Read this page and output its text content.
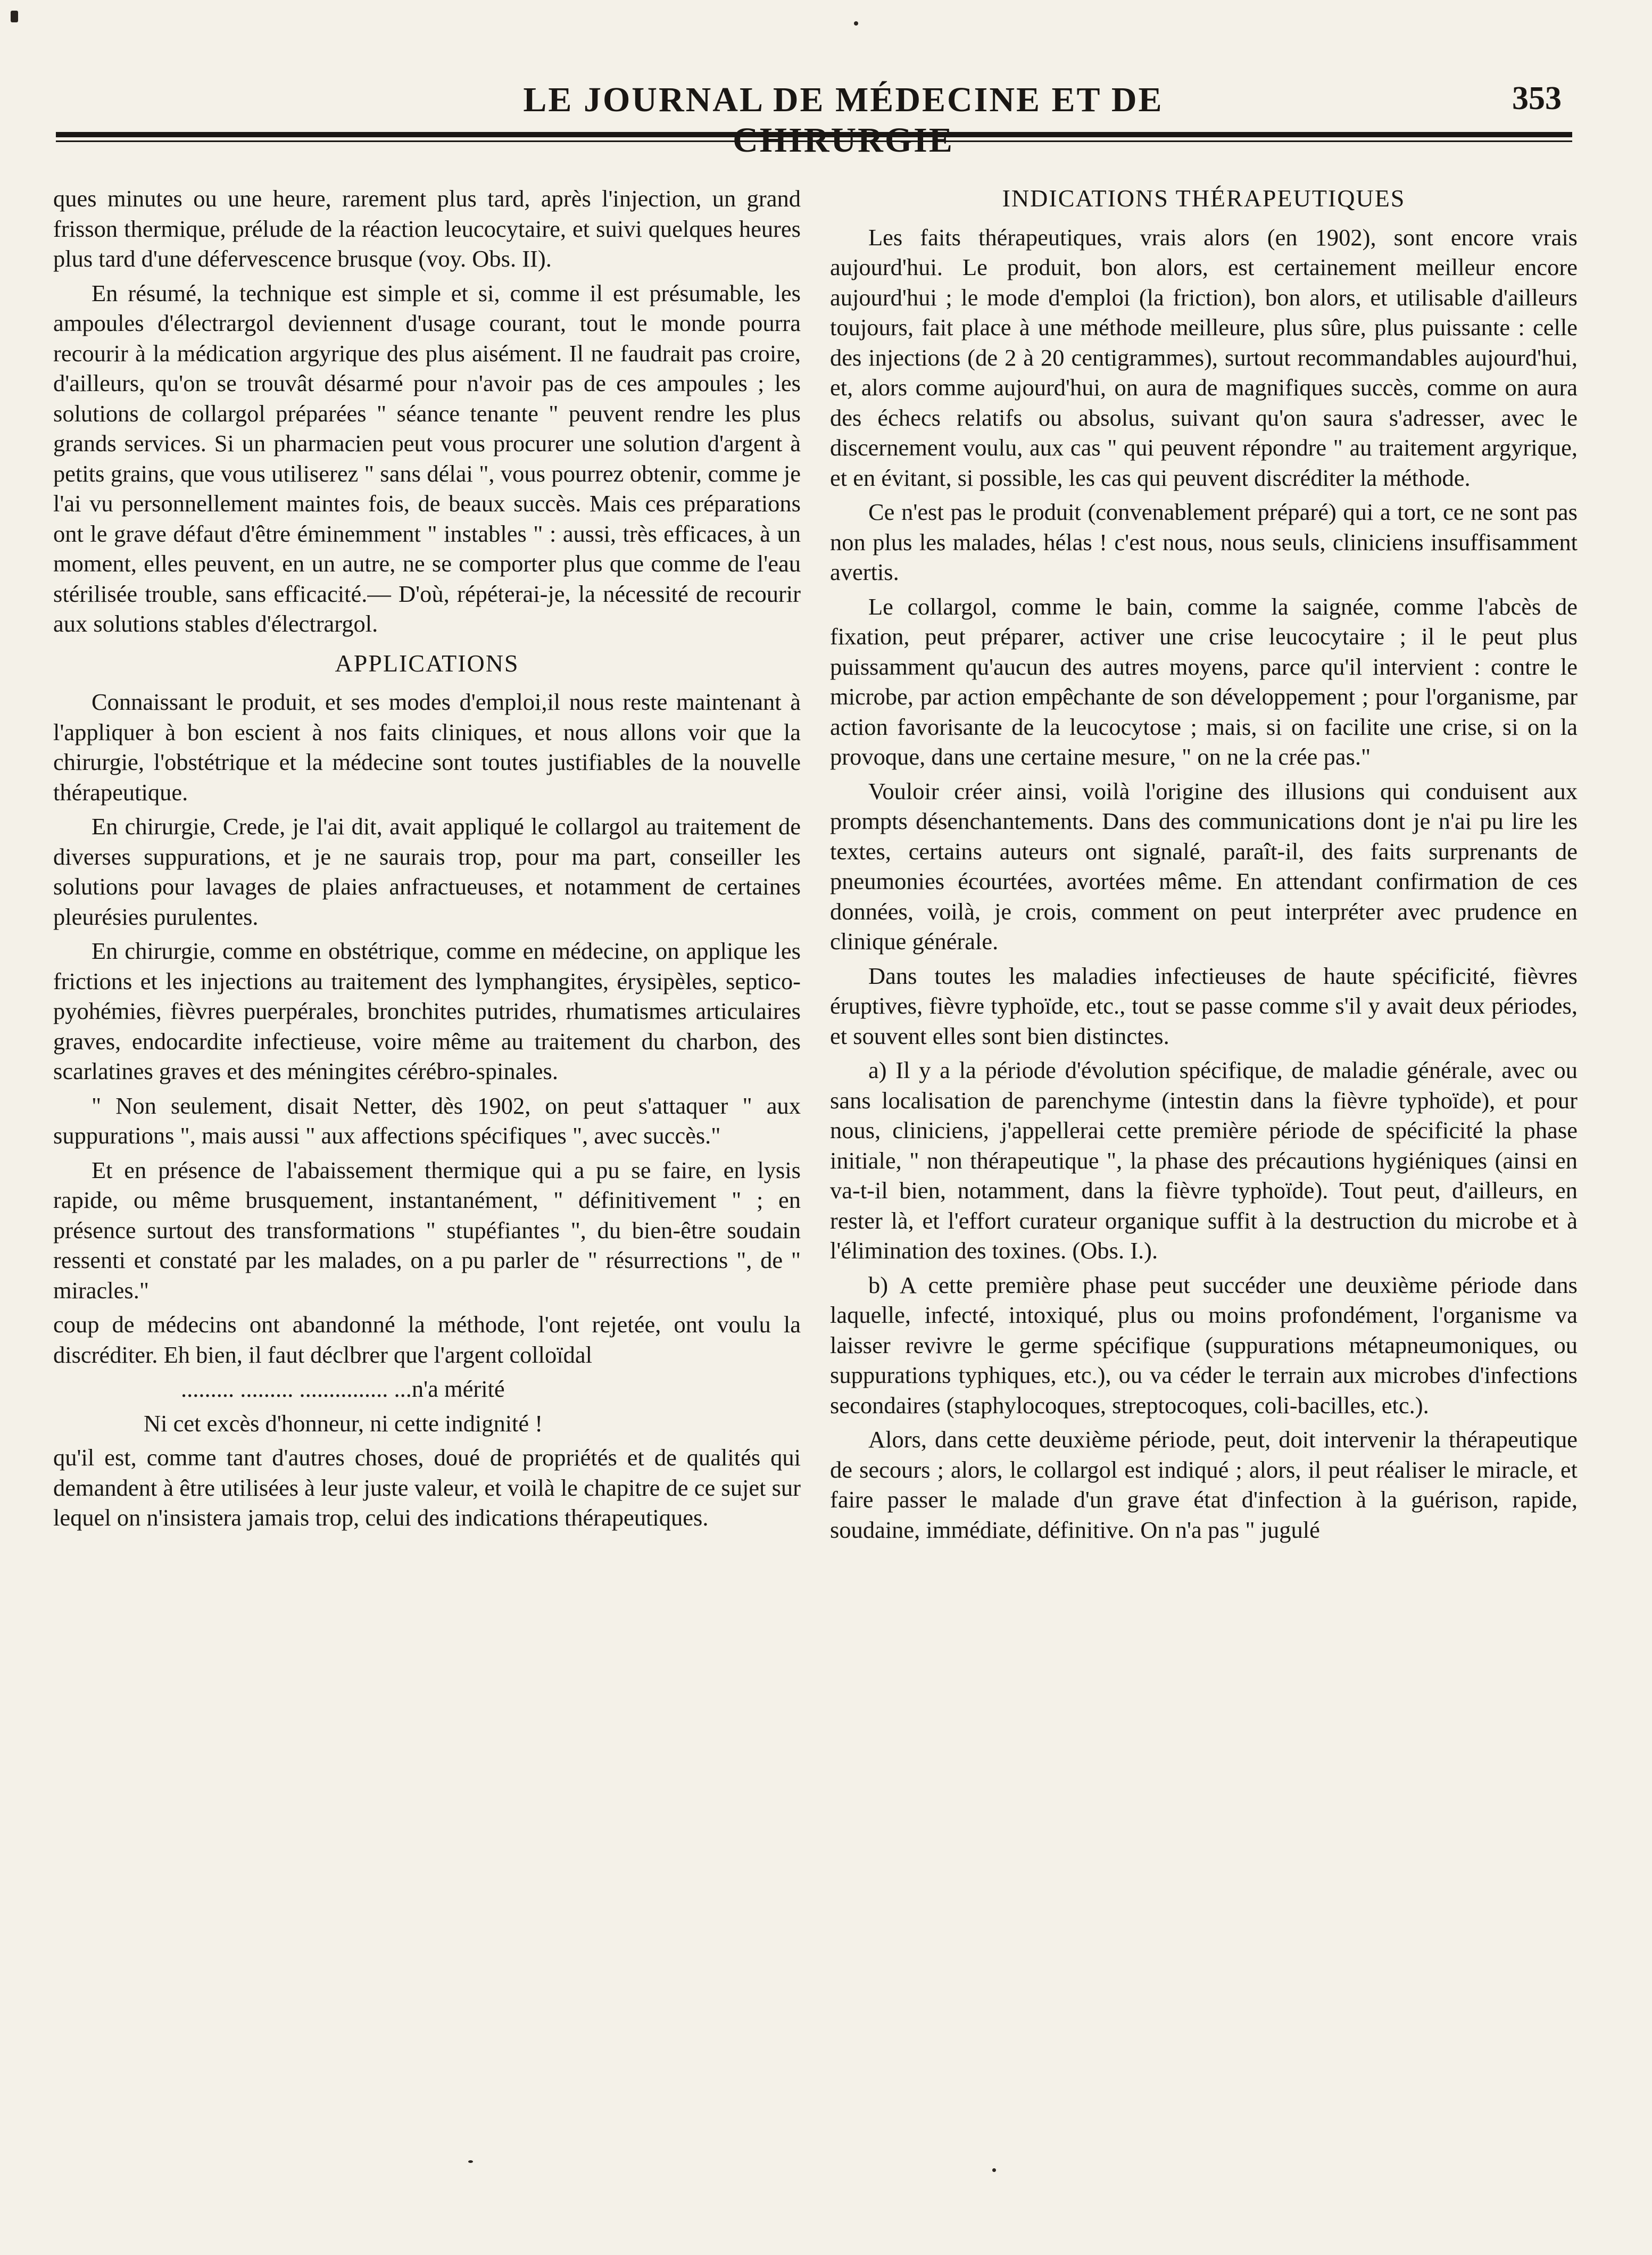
LE JOURNAL DE MÉDECINE ET DE	353

ques minutes ou une heure, rarement plus tard, après l'injection, un grand frisson thermique, prélude de la réaction leucocytaire, et suivi quelques heures plus tard d'une défervescence brusque (voy. Obs. II).

En résumé, la technique est simple et si, comme il est présumable, les ampoules d'électrargol deviennent d'usage courant, tout le monde pourra recourir à la médication argyrique des plus aisément. Il ne faudrait pas croire, d'ailleurs, qu'on se trouvât désarmé pour n'avoir pas de ces ampoules ; les solutions de collargol préparées " séance tenante " peuvent rendre les plus grands services. Si un pharmacien peut vous procurer une solution d'argent à petits grains, que vous utiliserez " sans délai ", vous pourrez obtenir, comme je l'ai vu personnellement maintes fois, de beaux succès. Mais ces préparations ont le grave défaut d'être éminemment " instables " : aussi, très efficaces, à un moment, elles peuvent, en un autre, ne se comporter plus que comme de l'eau stérilisée trouble, sans efficacité.— D'où, répéterai-je, la nécessité de recourir aux solutions stables d'électrargol.

APPLICATIONS

Connaissant le produit, et ses modes d'emploi,il nous reste maintenant à l'appliquer à bon escient à nos faits cliniques, et nous allons voir que la chirurgie, l'obstétrique et la médecine sont toutes justifiables de la nouvelle thérapeutique.

En chirurgie, Crede, je l'ai dit, avait appliqué le collargol au traitement de diverses suppurations, et je ne saurais trop, pour ma part, conseiller les solutions pour lavages de plaies anfractueuses, et notamment de certaines pleurésies purulentes.

En chirurgie, comme en obstétrique, comme en médecine, on applique les frictions et les injections au traitement des lymphangites, érysipèles, septico-pyohémies, fièvres puerpérales, bronchites putrides, rhumatismes articulaires graves, endocardite infectieuse, voire même au traitement du charbon, des scarlatines graves et des méningites cérébro-spinales.

" Non seulement, disait Netter, dès 1902, on peut s'attaquer " aux suppurations ", mais aussi " aux affections spécifiques ", avec succès."

Et en présence de l'abaissement thermique qui a pu se faire, en lysis rapide, ou même brusquement, instantanément, " définitivement " ; en présence surtout des transformations " stupéfiantes ", du bien-être soudain ressenti et constaté par les malades, on a pu parler de " résurrections ", de " miracles."

coup de médecins ont abandonné la méthode, l'ont rejetée, ont voulu la discréditer. Eh bien, il faut déclbrer que l'argent colloïdal

......... ......... ............... ...n'a mérité

Ni cet excès d'honneur, ni cette indignité !

qu'il est, comme tant d'autres choses, doué de propriétés et de qualités qui demandent à être utilisées à leur juste valeur, et voilà le chapitre de ce sujet sur lequel on n'insistera jamais trop, celui des indications thérapeutiques.

INDICATIONS THÉRAPEUTIQUES

Les faits thérapeutiques, vrais alors (en 1902), sont encore vrais aujourd'hui. Le produit, bon alors, est certainement meilleur encore aujourd'hui ; le mode d'emploi (la friction), bon alors, et utilisable d'ailleurs toujours, fait place à une méthode meilleure, plus sûre, plus puissante : celle des injections (de 2 à 20 centigrammes), surtout recommandables aujourd'hui, et, alors comme aujourd'hui, on aura de magnifiques succès, comme on aura des échecs relatifs ou absolus, suivant qu'on saura s'adresser, avec le discernement voulu, aux cas " qui peuvent répondre " au traitement argyrique, et en évitant, si possible, les cas qui peuvent discréditer la méthode.

Ce n'est pas le produit (convenablement préparé) qui a tort, ce ne sont pas non plus les malades, hélas ! c'est nous, nous seuls, cliniciens insuffisamment avertis.

Le collargol, comme le bain, comme la saignée, comme l'abcès de fixation, peut préparer, activer une crise leucocytaire ; il le peut plus puissamment qu'aucun des autres moyens, parce qu'il intervient : contre le microbe, par action empêchante de son développement ; pour l'organisme, par action favorisante de la leucocytose ; mais, si on facilite une crise, si on la provoque, dans une certaine mesure, " on ne la crée pas."

Vouloir créer ainsi, voilà l'origine des illusions qui conduisent aux prompts désenchantements. Dans des communications dont je n'ai pu lire les textes, certains auteurs ont signalé, paraît-il, des faits surprenants de pneumonies écourtées, avortées même. En attendant confirmation de ces données, voilà, je crois, comment on peut interpréter avec prudence en clinique générale.

Dans toutes les maladies infectieuses de haute spécificité, fièvres éruptives, fièvre typhoïde, etc., tout se passe comme s'il y avait deux périodes, et souvent elles sont bien distinctes.

a) Il y a la période d'évolution spécifique, de maladie générale, avec ou sans localisation de parenchyme (intestin dans la fièvre typhoïde), et pour nous, cliniciens, j'appellerai cette première période de spécificité la phase initiale, " non thérapeutique ", la phase des précautions hygiéniques (ainsi en va-t-il bien, notamment, dans la fièvre typhoïde). Tout peut, d'ailleurs, en rester là, et l'effort curateur organique suffit à la destruction du microbe et à l'élimination des toxines. (Obs. I.).

b) A cette première phase peut succéder une deuxième période dans laquelle, infecté, intoxiqué, plus ou moins profondément, l'organisme va laisser revivre le germe spécifique (suppurations métapneumoniques, ou suppurations typhiques, etc.), ou va céder le terrain aux microbes d'infections secondaires (staphylocoques, streptocoques, coli-bacilles, etc.).

Alors, dans cette deuxième période, peut, doit intervenir la thérapeutique de secours ; alors, le collargol est indiqué ; alors, il peut réaliser le miracle, et faire passer le malade d'un grave état d'infection à la guérison, rapide, soudaine, immédiate, définitive. On n'a pas " jugulé
